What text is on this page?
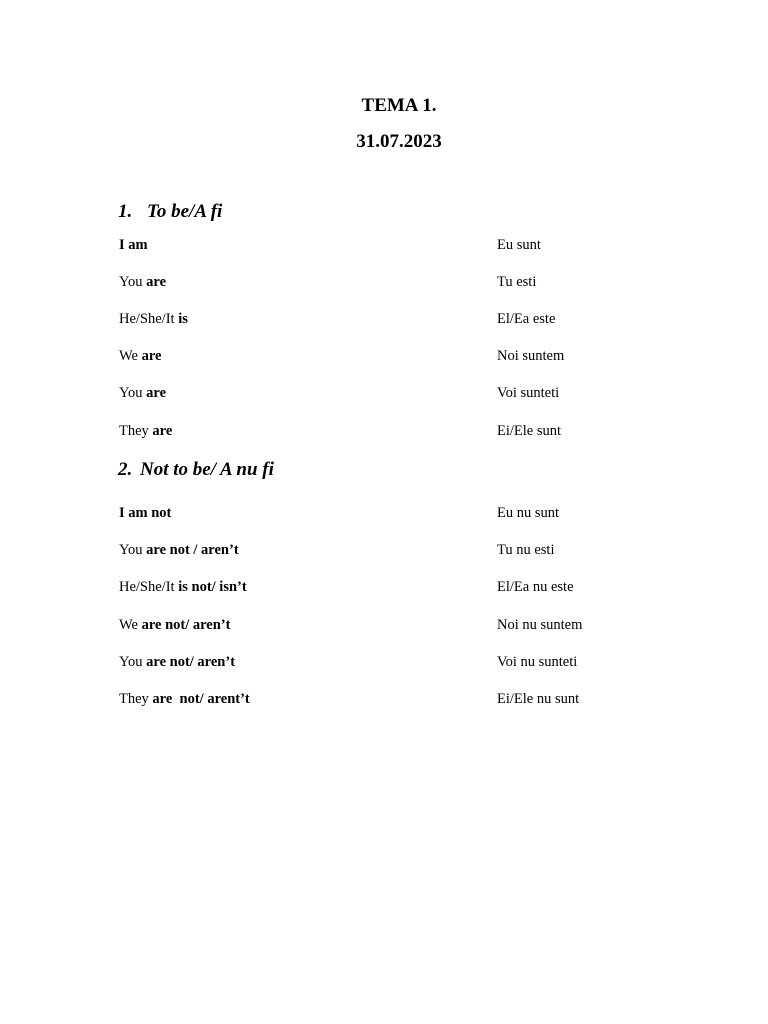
TEMA 1.
31.07.2023
1. To be/A fi
I am	Eu sunt
You are	Tu esti
He/She/It is	El/Ea este
We are	Noi suntem
You are	Voi sunteti
They are	Ei/Ele sunt
2. Not to be/ A nu fi
I am not	Eu nu sunt
You are not / aren’t	Tu nu esti
He/She/It is not/ isn’t	El/Ea nu este
We are not/ aren’t	Noi nu suntem
You are not/ aren’t	Voi nu sunteti
They are  not/ arent’t	Ei/Ele nu sunt
